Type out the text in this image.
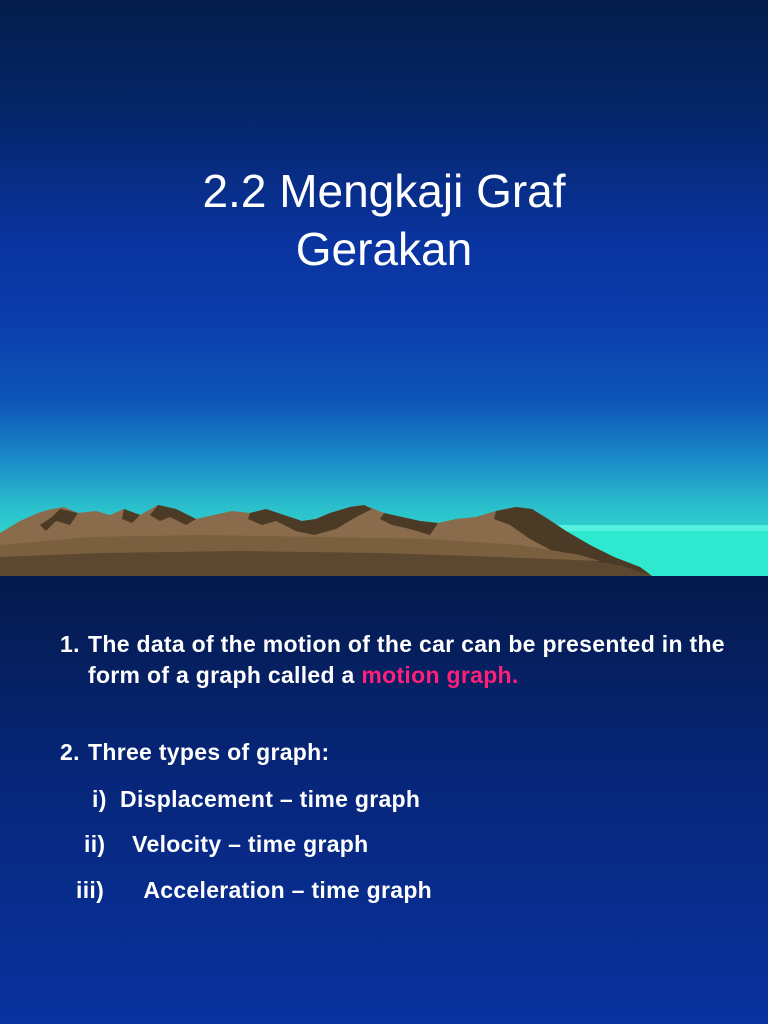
2.2 Mengkaji Graf
Gerakan
1. The data of the motion of the car can be presented in the form of a graph called a motion graph.
2. Three types of graph:
i) Displacement – time graph
ii) Velocity – time graph
iii) Acceleration – time graph
